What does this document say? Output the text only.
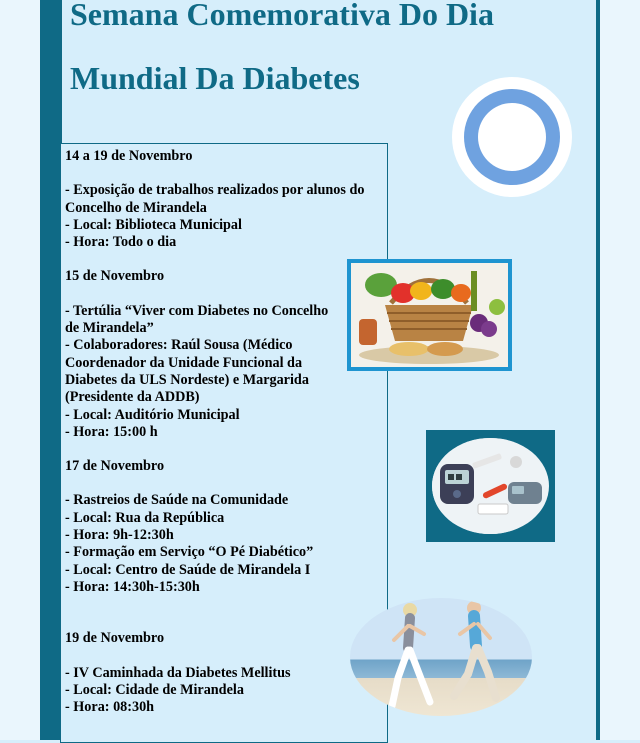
Semana Comemorativa Do Dia
Mundial Da Diabetes

14 a 19 de Novembro

- Exposição de trabalhos realizados por alunos do

Concelho de Mirandela

- Local: Biblioteca Municipal

- Hora: Todo o dia

15 de Novembro

- Tertúlia “Viver com Diabetes no Concelho

de Mirandela”

- Colaboradores: Raúl Sousa (Médico

Coordenador da Unidade Funcional da

Diabetes da ULS Nordeste) e Margarida

(Presidente da ADDB)

- Local: Auditório Municipal

- Hora: 15:00 h

17 de Novembro

- Rastreios de Saúde na Comunidade

- Local: Rua da República

- Hora: 9h-12:30h

- Formação em Serviço “O Pé Diabético”

- Local: Centro de Saúde de Mirandela I

- Hora: 14:30h-15:30h

19 de Novembro

- IV Caminhada da Diabetes Mellitus

- Local: Cidade de Mirandela

- Hora: 08:30h
